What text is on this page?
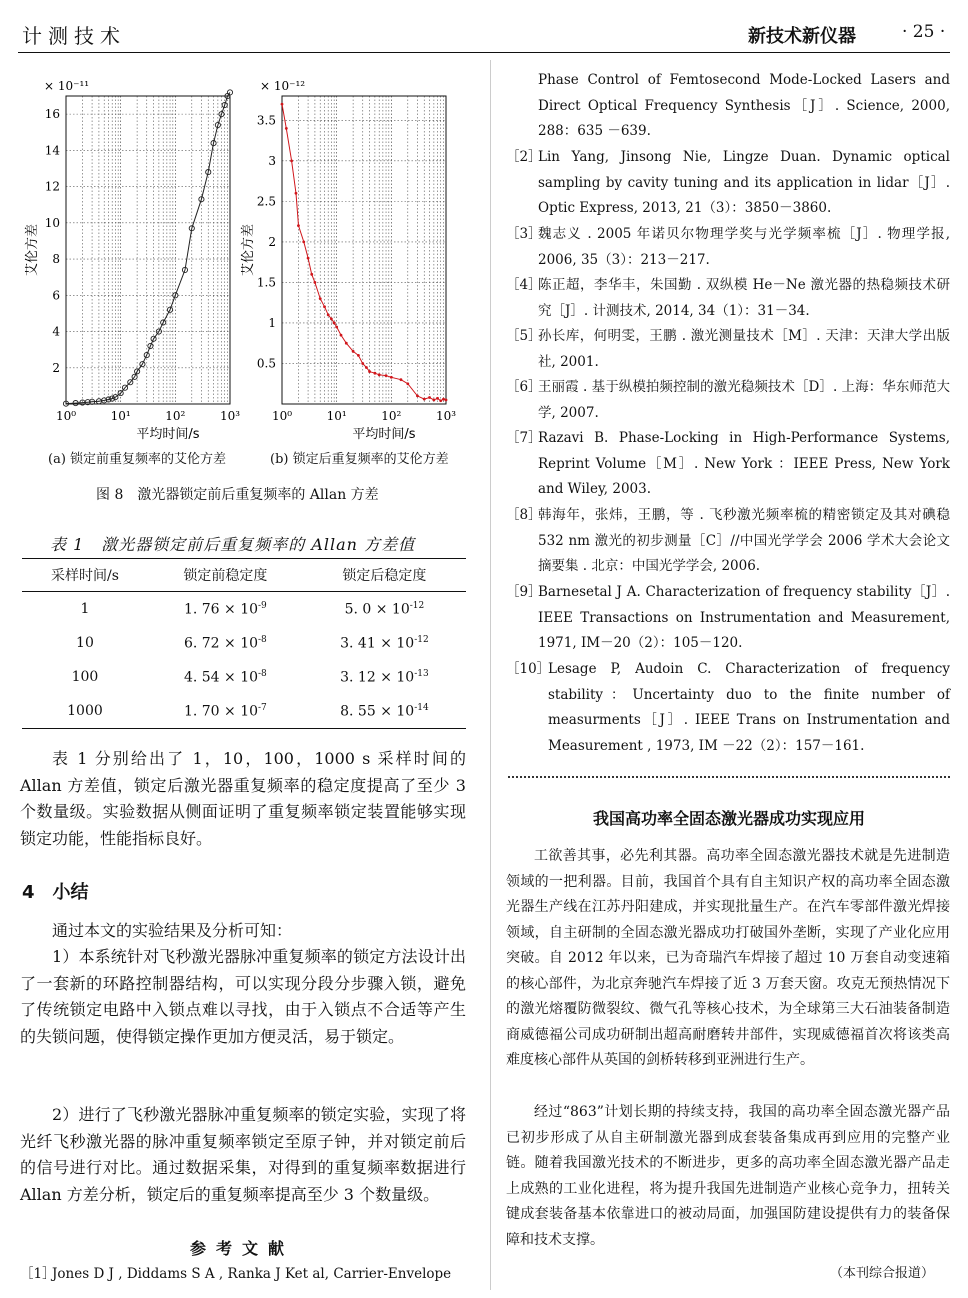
计测技术	新技术新仪器	· 25 ·
2
4
6
8
10
12
14
16
10⁰	10¹	10²	10³
× 10⁻¹¹
艾伦方差
平均时间/s
0.5
1
1.5
2
2.5
3
3.5
10⁰	10¹	10²	10³
× 10⁻¹²
艾伦方差
平均时间/s
(a) 锁定前重复频率的艾伦方差	(b) 锁定后重复频率的艾伦方差
图 8　激光器锁定前后重复频率的 Allan 方差
表 1　激光器锁定前后重复频率的 Allan 方差值
采样时间/s	锁定前稳定度	锁定后稳定度
1	1. $76 \times 10^{-9}$	5. $0 \times 10^{-12}$
10	6. $72 \times 10^{-8}$	3. $41 \times 10^{-12}$
100	4. $54 \times 10^{-8}$	3. $12 \times 10^{-13}$
1000	1. $70 \times 10^{-7}$	8. $55 \times 10^{-14}$
表 1 分别给出了 1，10，100，1000 s 采样时间的 Allan 方差值，锁定后激光器重复频率的稳定度提高了至少 3 个数量级。实验数据从侧面证明了重复频率锁定装置能够实现锁定功能，性能指标良好。
4　小结
通过本文的实验结果及分析可知：
1）本系统针对飞秒激光器脉冲重复频率的锁定方法设计出了一套新的环路控制器结构，可以实现分段分步骤入锁，避免了传统锁定电路中入锁点难以寻找，由于入锁点不合适等产生的失锁问题，使得锁定操作更加方便灵活，易于锁定。
2）进行了飞秒激光器脉冲重复频率的锁定实验，实现了将光纤飞秒激光器的脉冲重复频率锁定至原子钟，并对锁定前后的信号进行对比。通过数据采集，对得到的重复频率数据进行 Allan 方差分析，锁定后的重复频率提高至少 3 个数量级。
参考文献
［1］
Jones D J , Diddams S A , Ranka J Ket al, Carrier-Envelope
Phase Control of Femtosecond Mode-Locked Lasers and Direct Optical Frequency Synthesis［J］. Science, 2000, 288：635 －639.
［2］
Lin Yang, Jinsong Nie, Lingze Duan. Dynamic optical sampling by cavity tuning and its application in lidar［J］. Optic Express, 2013, 21（3）：3850－3860.
［3］
魏志义 . 2005 年诺贝尔物理学奖与光学频率梳［J］. 物理学报, 2006, 35（3）：213－217.
［4］
陈正超，李华丰，朱国勤 . 双纵模 He－Ne 激光器的热稳频技术研究［J］. 计测技术, 2014, 34（1）：31－34.
［5］
孙长库，何明雯，王鹏 . 激光测量技术［M］. 天津：天津大学出版社, 2001.
［6］
王丽霞 . 基于纵模拍频控制的激光稳频技术［D］. 上海：华东师范大学, 2007.
［7］
Razavi B. Phase-Locking in High-Performance Systems, Reprint Volume［M］. New York ：IEEE Press, New York and Wiley, 2003.
［8］
韩海年，张炜，王鹏，等 . 飞秒激光频率梳的精密锁定及其对碘稳 532 nm 激光的初步测量［C］//中国光学学会 2006 学术大会论文摘要集 . 北京：中国光学学会, 2006.
［9］
Barnesetal J A. Characterization of frequency stability［J］. IEEE Transactions on Instrumentation and Measurement, 1971, IM－20（2）：105－120.
［10］
Lesage P, Audoin C. Characterization of frequency stability：Uncertainty duo to the finite number of measurments［J］. IEEE Trans on Instrumentation and Measurement , 1973, IM －22（2）：157－161.
我国高功率全固态激光器成功实现应用
工欲善其事，必先利其器。高功率全固态激光器技术就是先进制造领域的一把利器。目前，我国首个具有自主知识产权的高功率全固态激光器生产线在江苏丹阳建成，并实现批量生产。在汽车零部件激光焊接领域，自主研制的全固态激光器成功打破国外垄断，实现了产业化应用突破。自 2012 年以来，已为奇瑞汽车焊接了超过 10 万套自动变速箱的核心部件，为北京奔驰汽车焊接了近 3 万套天窗。攻克无预热情况下的激光熔覆防微裂纹、微气孔等核心技术，为全球第三大石油装备制造商威德福公司成功研制出超高耐磨转井部件，实现威德福首次将该类高难度核心部件从英国的剑桥转移到亚洲进行生产。
经过“863”计划长期的持续支持，我国的高功率全固态激光器产品已初步形成了从自主研制激光器到成套装备集成再到应用的完整产业链。随着我国激光技术的不断进步，更多的高功率全固态激光器产品走上成熟的工业化进程，将为提升我国先进制造产业核心竞争力，扭转关键成套装备基本依靠进口的被动局面，加强国防建设提供有力的装备保障和技术支撑。
（本刊综合报道）
